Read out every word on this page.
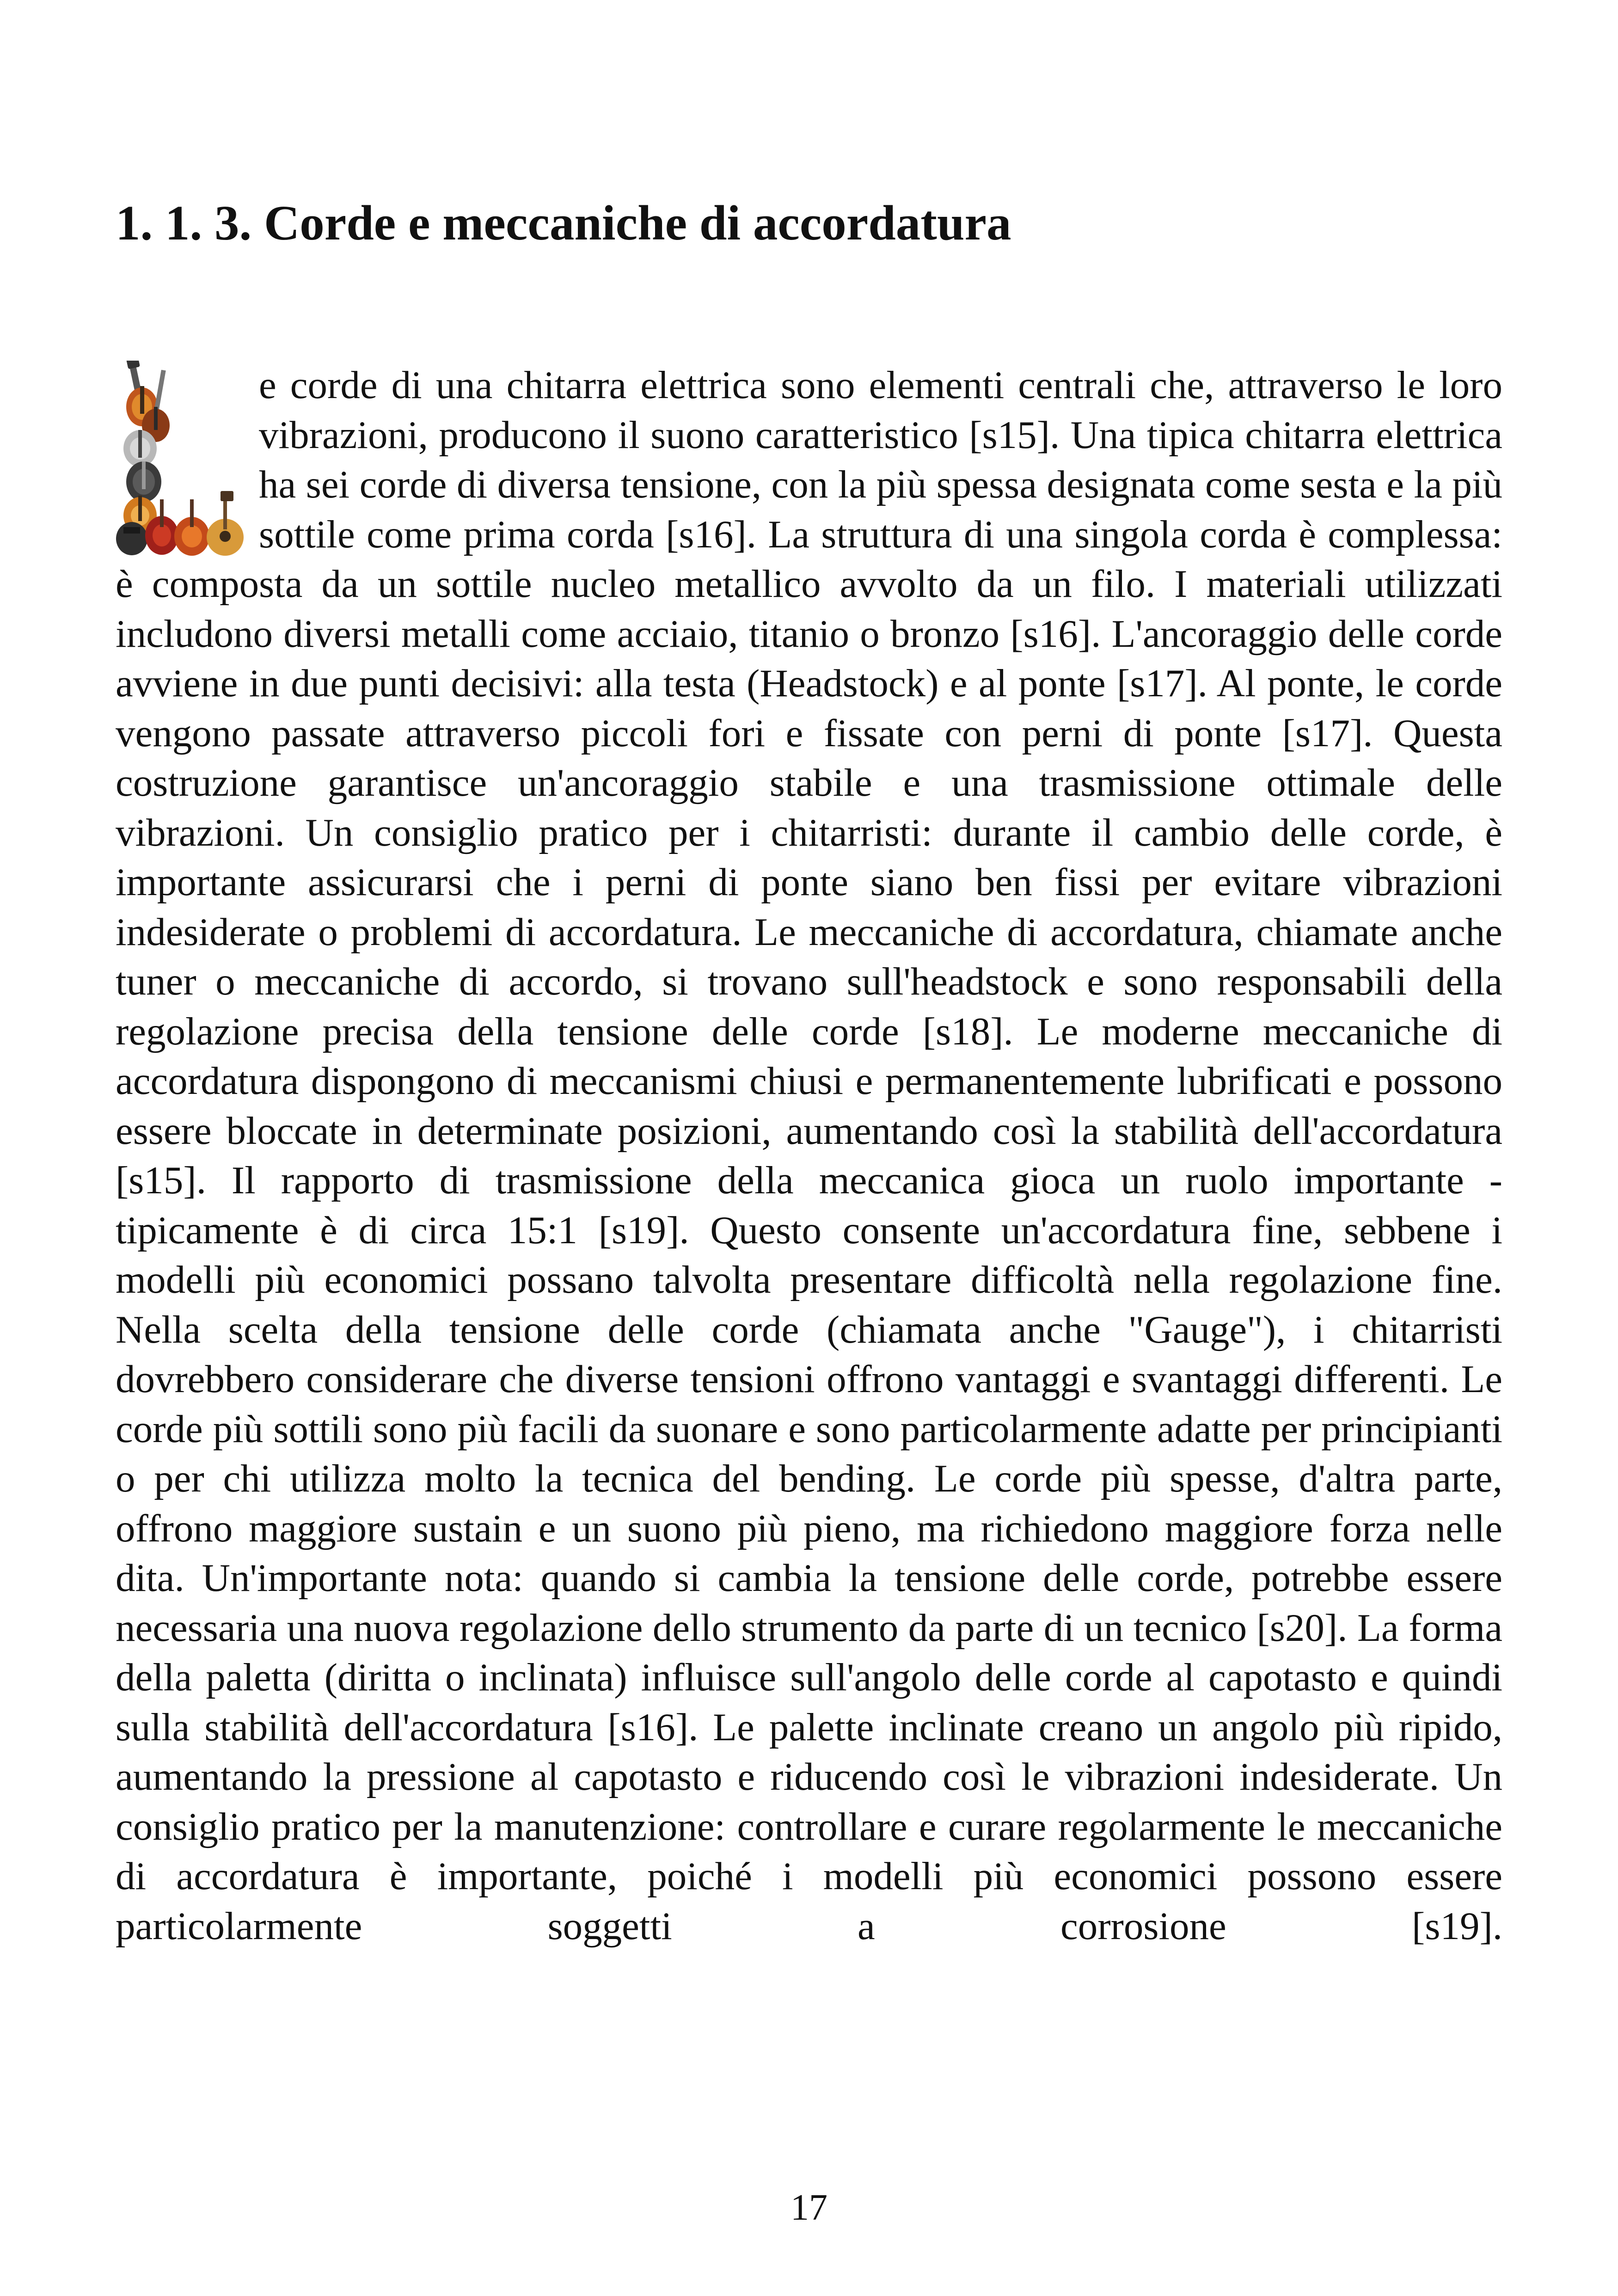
1. 1. 3. Corde e meccaniche di accordatura

e corde di una chitarra elettrica sono elementi centrali che, attraverso le loro vibrazioni, producono il suono caratteristico [s15]. Una tipica chitarra elettrica ha sei corde di diversa tensione, con la più spessa designata come sesta e la più sottile come prima corda [s16]. La struttura di una singola corda è complessa: è composta da un sottile nucleo metallico avvolto da un filo. I materiali utilizzati includono diversi metalli come acciaio, titanio o bronzo [s16]. L'ancoraggio delle corde avviene in due punti decisivi: alla testa (Headstock) e al ponte [s17]. Al ponte, le corde vengono passate attraverso piccoli fori e fissate con perni di ponte [s17]. Questa costruzione garantisce un'ancoraggio stabile e una trasmissione ottimale delle vibrazioni. Un consiglio pratico per i chitarristi: durante il cambio delle corde, è importante assicurarsi che i perni di ponte siano ben fissi per evitare vibrazioni indesiderate o problemi di accordatura. Le meccaniche di accordatura, chiamate anche tuner o meccaniche di accordo, si trovano sull'headstock e sono responsabili della regolazione precisa della tensione delle corde [s18]. Le moderne meccaniche di accordatura dispongono di meccanismi chiusi e permanentemente lubrificati e possono essere bloccate in determinate posizioni, aumentando così la stabilità dell'accordatura [s15]. Il rapporto di trasmissione della meccanica gioca un ruolo importante - tipicamente è di circa 15:1 [s19]. Questo consente un'accordatura fine, sebbene i modelli più economici possano talvolta presentare difficoltà nella regolazione fine. Nella scelta della tensione delle corde (chiamata anche "Gauge"), i chitarristi dovrebbero considerare che diverse tensioni offrono vantaggi e svantaggi differenti. Le corde più sottili sono più facili da suonare e sono particolarmente adatte per principianti o per chi utilizza molto la tecnica del bending. Le corde più spesse, d'altra parte, offrono maggiore sustain e un suono più pieno, ma richiedono maggiore forza nelle dita. Un'importante nota: quando si cambia la tensione delle corde, potrebbe essere necessaria una nuova regolazione dello strumento da parte di un tecnico [s20]. La forma della paletta (diritta o inclinata) influisce sull'angolo delle corde al capotasto e quindi sulla stabilità dell'accordatura [s16]. Le palette inclinate creano un angolo più ripido, aumentando la pressione al capotasto e riducendo così le vibrazioni indesiderate. Un consiglio pratico per la manutenzione: controllare e curare regolarmente le meccaniche di accordatura è importante, poiché i modelli più economici possono essere particolarmente soggetti a corrosione [s19].

17
